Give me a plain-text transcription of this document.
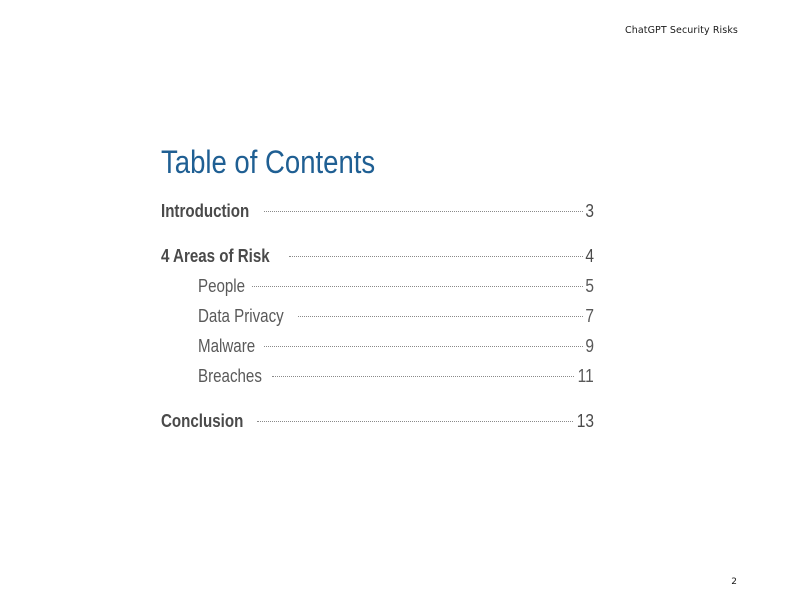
ChatGPT Security Risks
Table of Contents
Introduction	3
4 Areas of Risk	4
People	5
Data Privacy	7
Malware	9
Breaches	11
Conclusion	13
2
